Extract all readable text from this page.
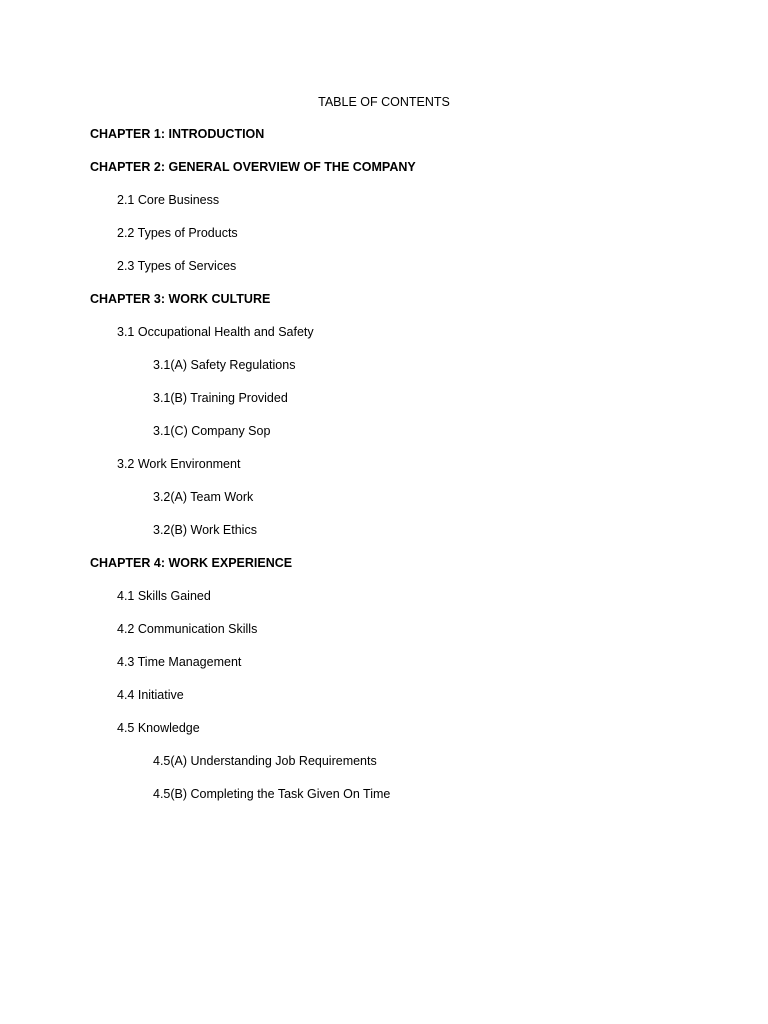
TABLE OF CONTENTS
CHAPTER 1: INTRODUCTION
CHAPTER 2: GENERAL OVERVIEW OF THE COMPANY
2.1 Core Business
2.2 Types of Products
2.3 Types of Services
CHAPTER 3: WORK CULTURE
3.1 Occupational Health and Safety
3.1(A) Safety Regulations
3.1(B) Training Provided
3.1(C) Company Sop
3.2 Work Environment
3.2(A) Team Work
3.2(B) Work Ethics
CHAPTER 4: WORK EXPERIENCE
4.1 Skills Gained
4.2 Communication Skills
4.3 Time Management
4.4 Initiative
4.5 Knowledge
4.5(A) Understanding Job Requirements
4.5(B) Completing the Task Given On Time
